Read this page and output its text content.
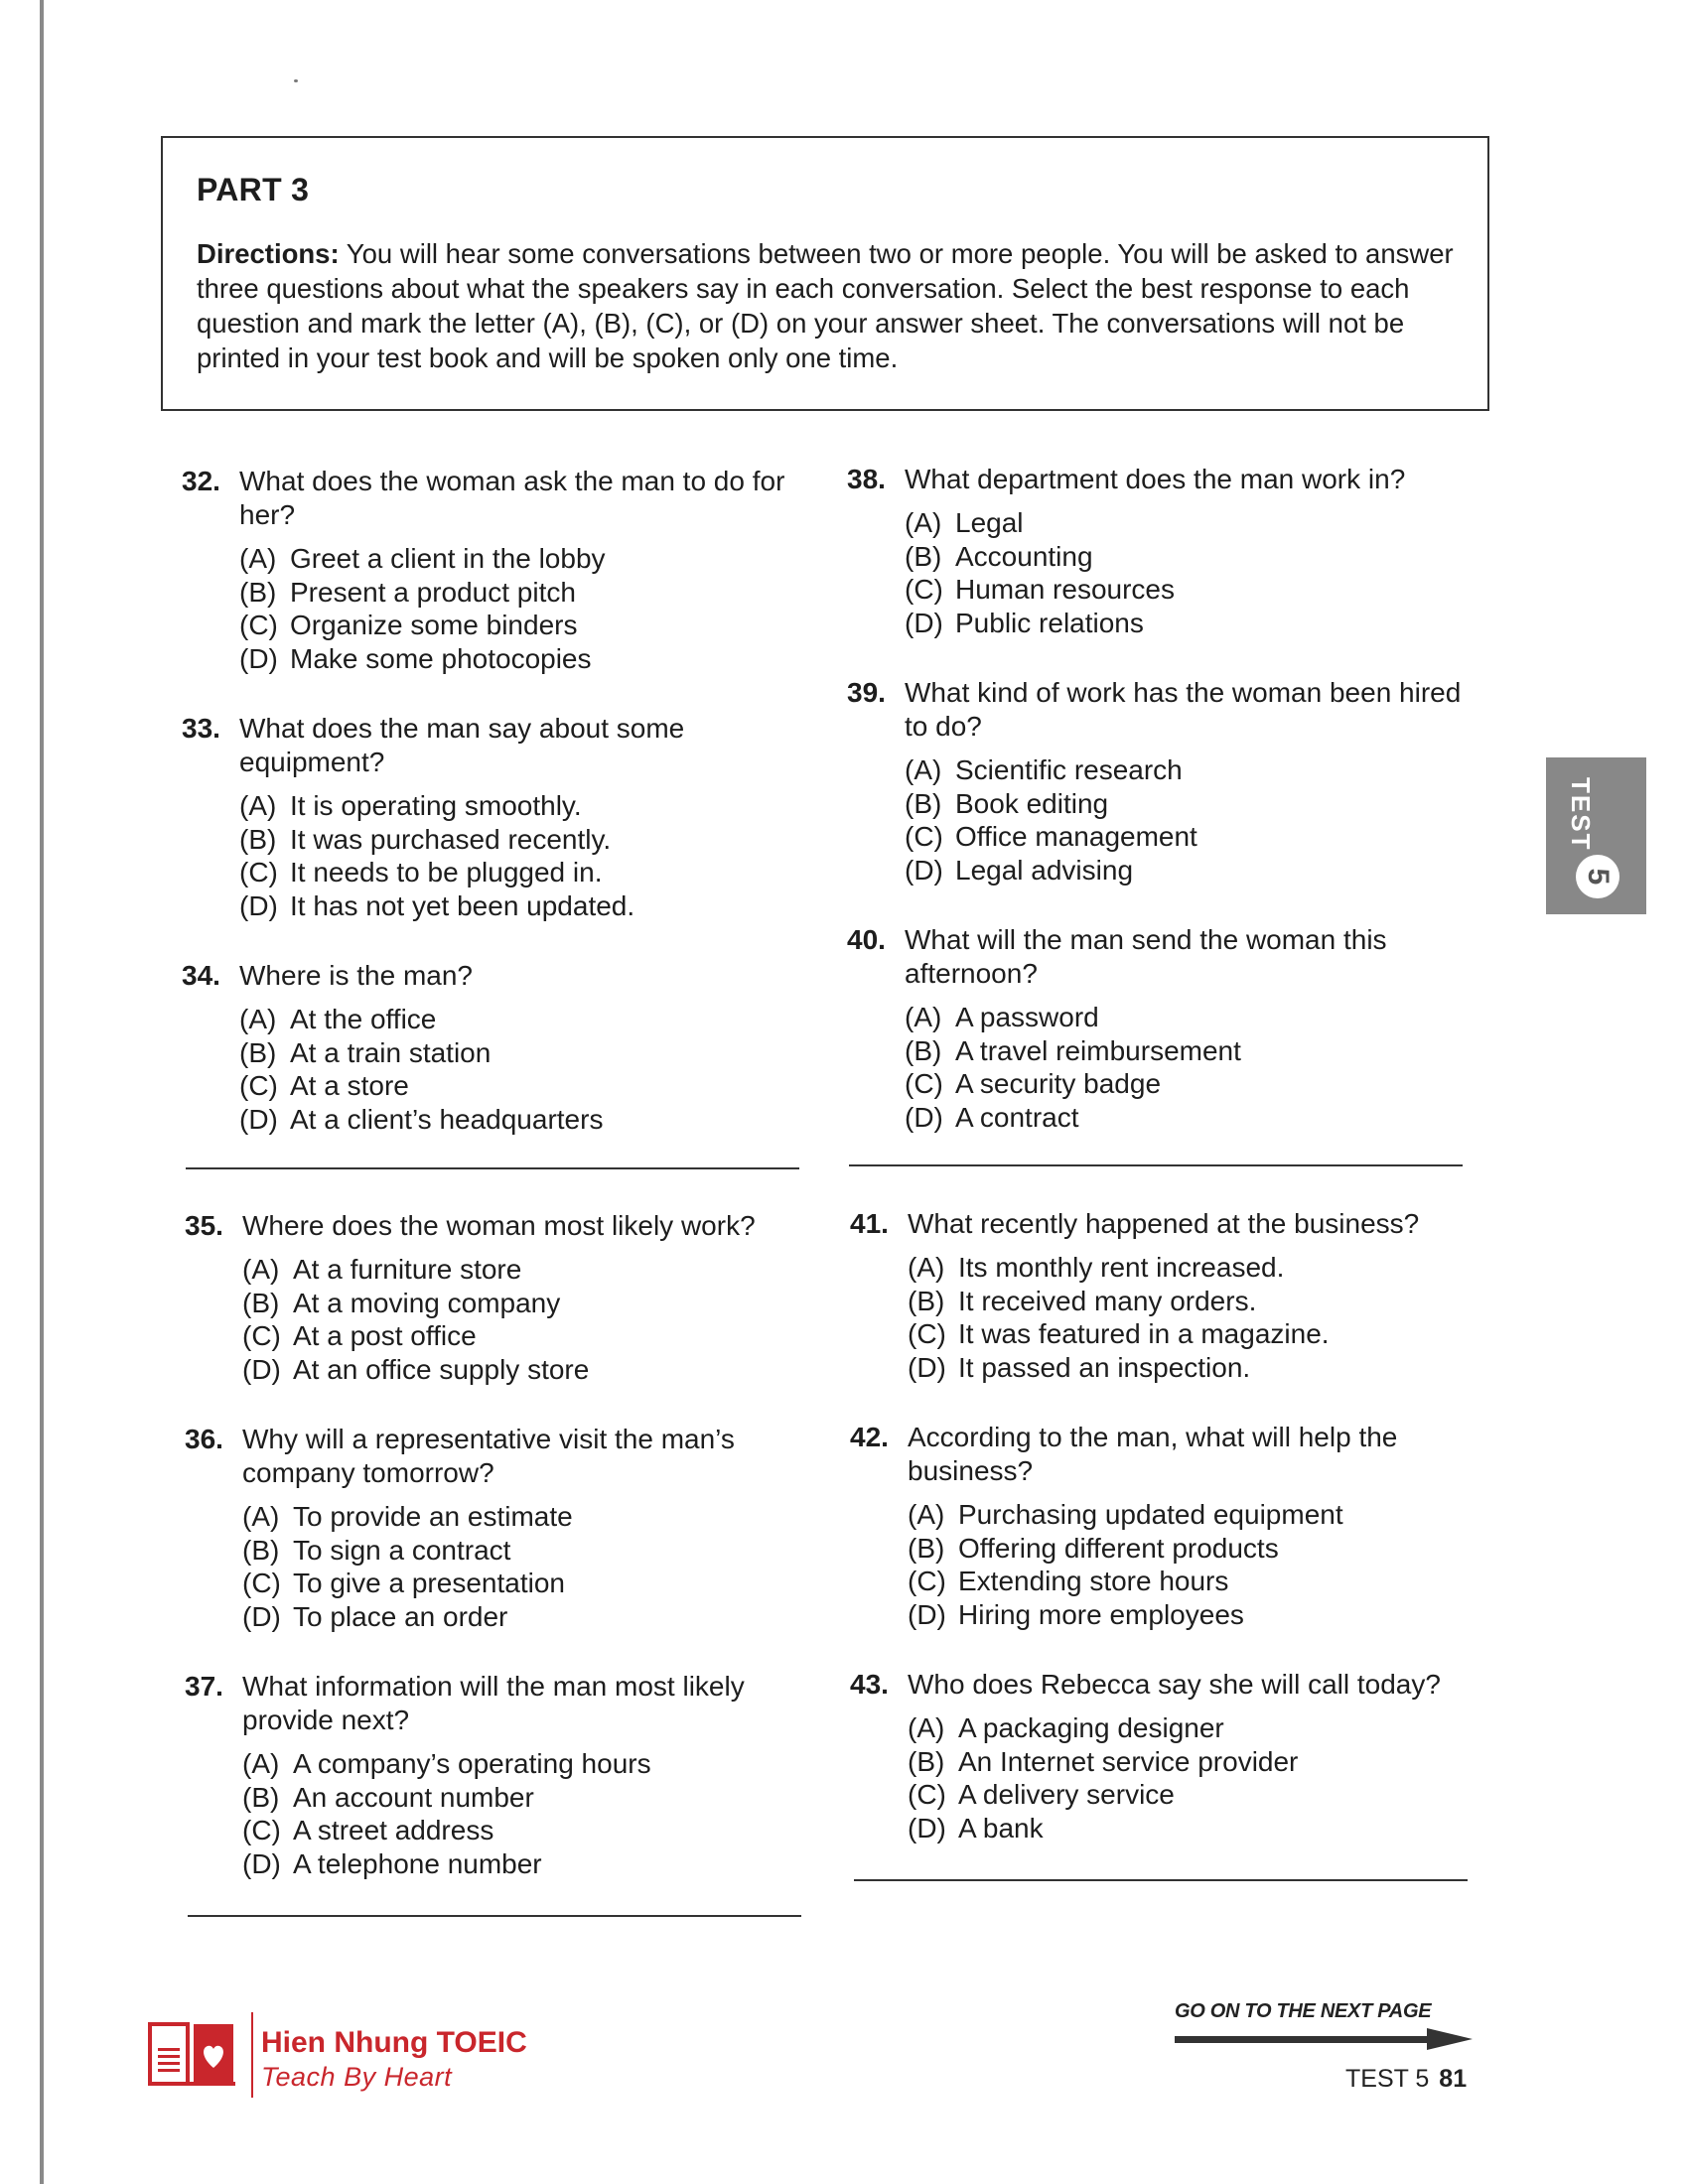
PART 3

Directions: You will hear some conversations between two or more people. You will be asked to answer three questions about what the speakers say in each conversation. Select the best response to each question and mark the letter (A), (B), (C), or (D) on your answer sheet. The conversations will not be printed in your test book and will be spoken only one time.

32. What does the woman ask the man to do for her?
(A) Greet a client in the lobby
(B) Present a product pitch
(C) Organize some binders
(D) Make some photocopies
33. What does the man say about some equipment?
(A) It is operating smoothly.
(B) It was purchased recently.
(C) It needs to be plugged in.
(D) It has not yet been updated.
34. Where is the man?
(A) At the office
(B) At a train station
(C) At a store
(D) At a client’s headquarters
35. Where does the woman most likely work?
(A) At a furniture store
(B) At a moving company
(C) At a post office
(D) At an office supply store
36. Why will a representative visit the man’s company tomorrow?
(A) To provide an estimate
(B) To sign a contract
(C) To give a presentation
(D) To place an order
37. What information will the man most likely provide next?
(A) A company’s operating hours
(B) An account number
(C) A street address
(D) A telephone number
38. What department does the man work in?
(A) Legal
(B) Accounting
(C) Human resources
(D) Public relations
39. What kind of work has the woman been hired to do?
(A) Scientific research
(B) Book editing
(C) Office management
(D) Legal advising
40. What will the man send the woman this afternoon?
(A) A password
(B) A travel reimbursement
(C) A security badge
(D) A contract
41. What recently happened at the business?
(A) Its monthly rent increased.
(B) It received many orders.
(C) It was featured in a magazine.
(D) It passed an inspection.
42. According to the man, what will help the business?
(A) Purchasing updated equipment
(B) Offering different products
(C) Extending store hours
(D) Hiring more employees
43. Who does Rebecca say she will call today?
(A) A packaging designer
(B) An Internet service provider
(C) A delivery service
(D) A bank
TEST
5
Hien Nhung TOEIC
Teach By Heart
GO ON TO THE NEXT PAGE
TEST 5 81
